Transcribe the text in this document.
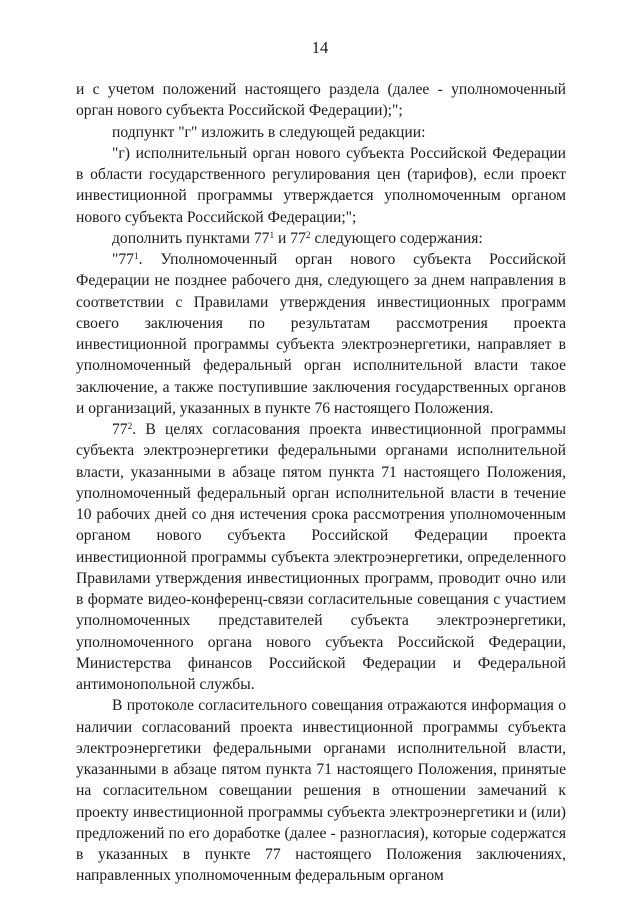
14

и с учетом положений настоящего раздела (далее - уполномоченный орган нового субъекта Российской Федерации);";

подпункт "г" изложить в следующей редакции:

"г) исполнительный орган нового субъекта Российской Федерации в области государственного регулирования цен (тарифов), если проект инвестиционной программы утверждается уполномоченным органом нового субъекта Российской Федерации;";

дополнить пунктами $77^1$ и $77^2$ следующего содержания:

"$77^1$. Уполномоченный орган нового субъекта Российской Федерации не позднее рабочего дня, следующего за днем направления в соответствии с Правилами утверждения инвестиционных программ своего заключения по результатам рассмотрения проекта инвестиционной программы субъекта электроэнергетики, направляет в уполномоченный федеральный орган исполнительной власти такое заключение, а также поступившие заключения государственных органов и организаций, указанных в пункте 76 настоящего Положения.

$77^2$. В целях согласования проекта инвестиционной программы субъекта электроэнергетики федеральными органами исполнительной власти, указанными в абзаце пятом пункта 71 настоящего Положения, уполномоченный федеральный орган исполнительной власти в течение 10 рабочих дней со дня истечения срока рассмотрения уполномоченным органом нового субъекта Российской Федерации проекта инвестиционной программы субъекта электроэнергетики, определенного Правилами утверждения инвестиционных программ, проводит очно или в формате видео-конференц-связи согласительные совещания с участием уполномоченных представителей субъекта электроэнергетики, уполномоченного органа нового субъекта Российской Федерации, Министерства финансов Российской Федерации и Федеральной антимонопольной службы.

В протоколе согласительного совещания отражаются информация о наличии согласований проекта инвестиционной программы субъекта электроэнергетики федеральными органами исполнительной власти, указанными в абзаце пятом пункта 71 настоящего Положения, принятые на согласительном совещании решения в отношении замечаний к проекту инвестиционной программы субъекта электроэнергетики и (или) предложений по его доработке (далее - разногласия), которые содержатся в указанных в пункте 77 настоящего Положения заключениях, направленных уполномоченным федеральным органом
